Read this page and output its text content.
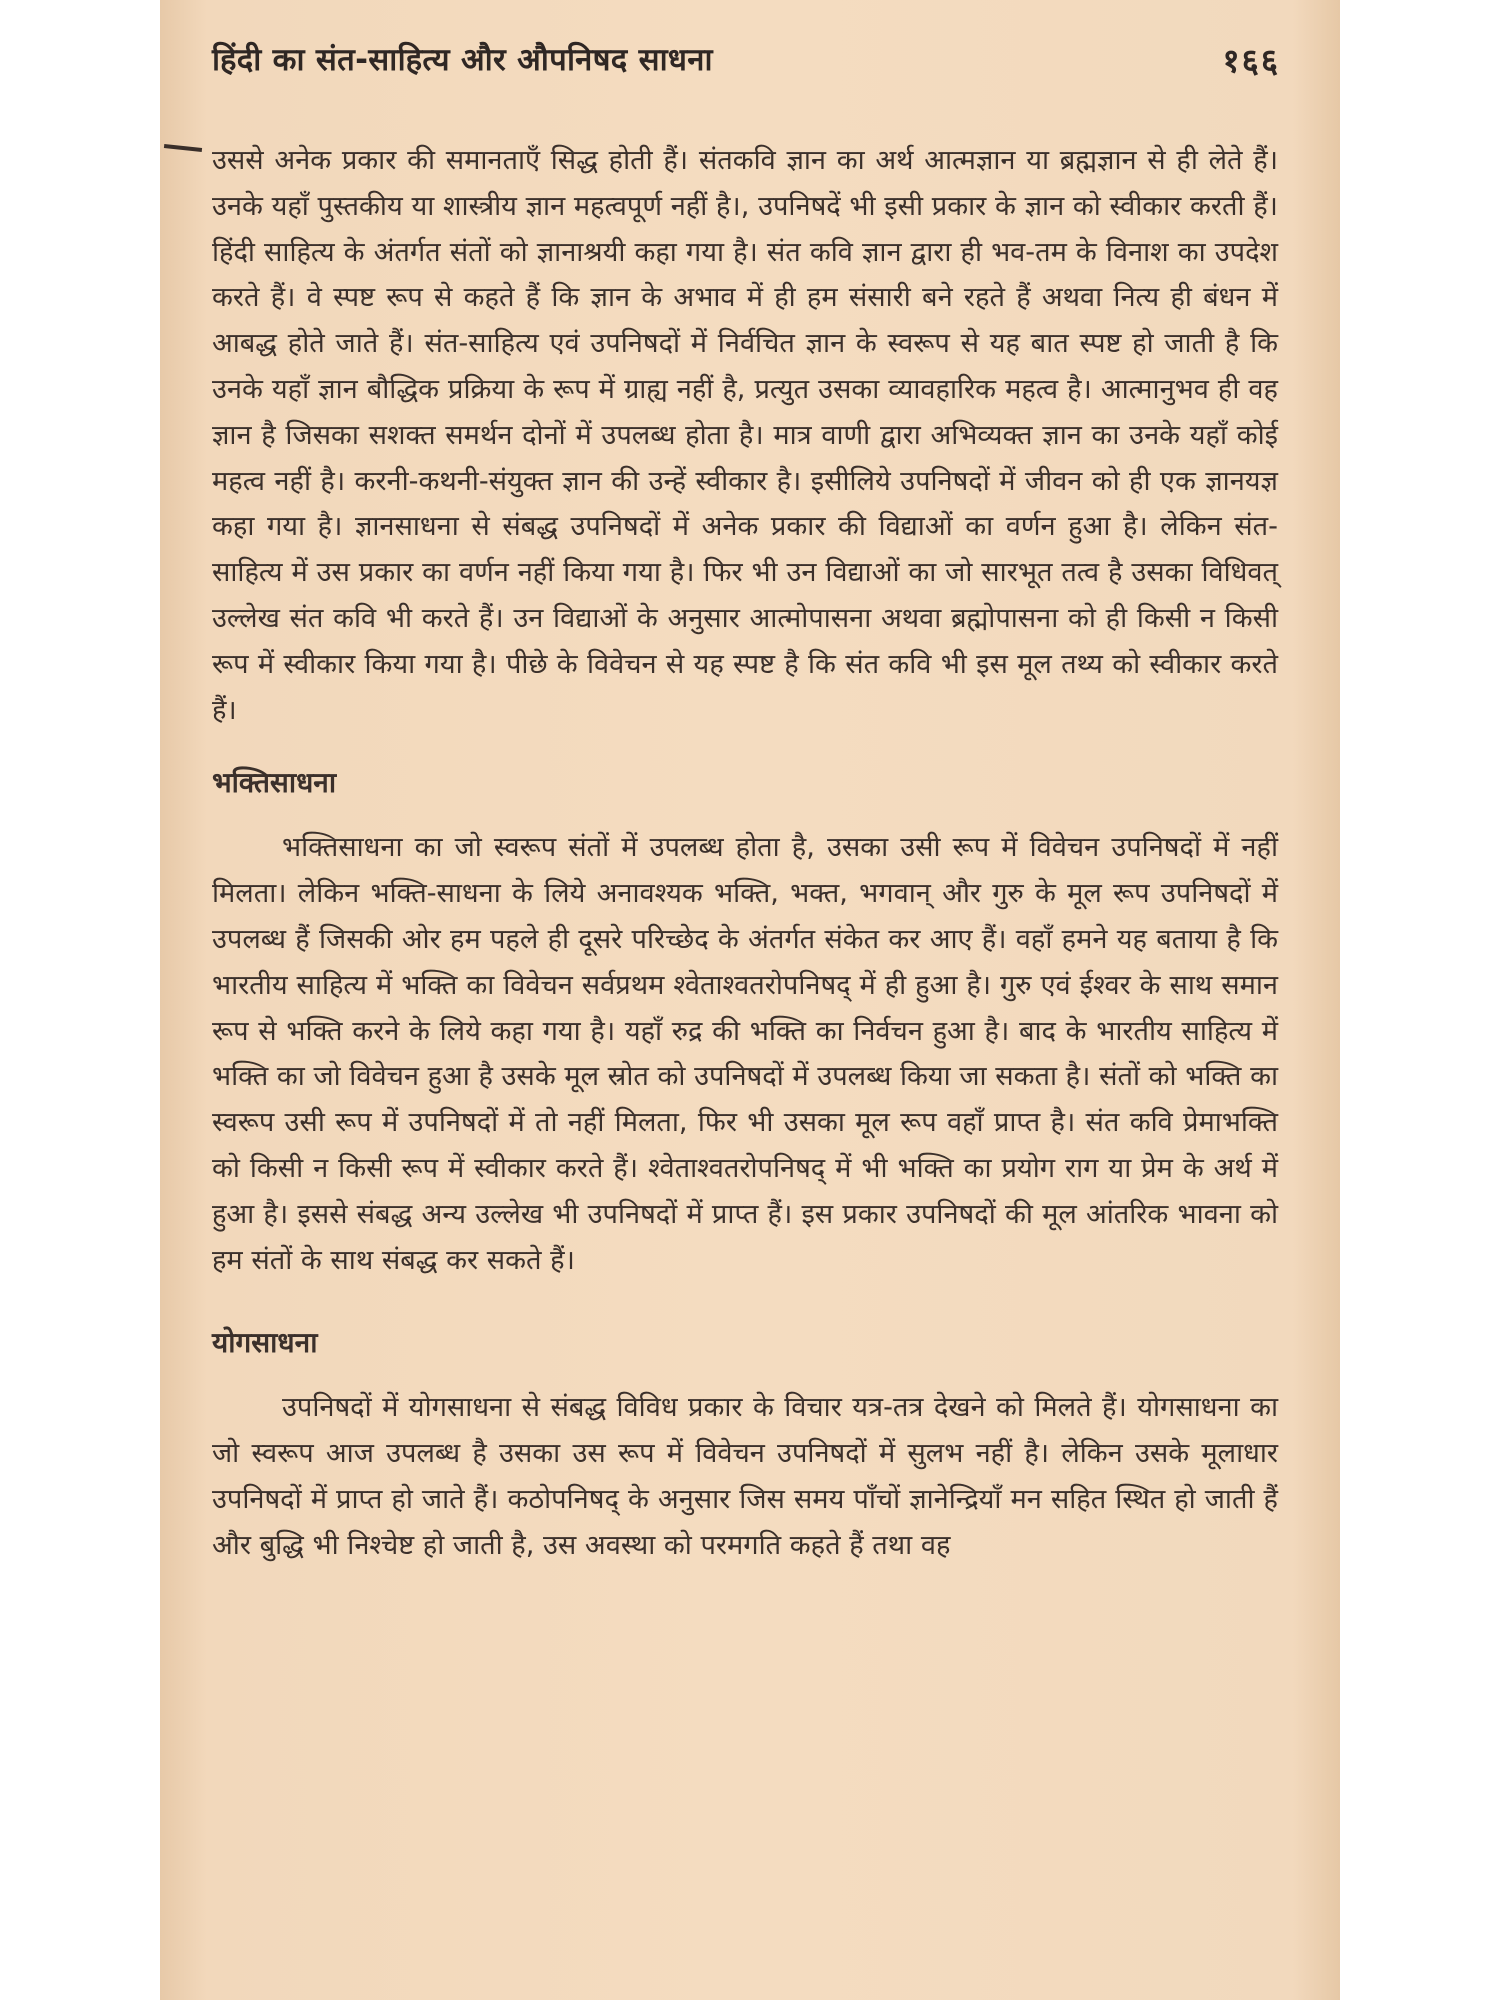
हिंदी का संत-साहित्य और औपनिषद साधना	१६६

उससे अनेक प्रकार की समानताएँ सिद्ध होती हैं। संतकवि ज्ञान का अर्थ आत्मज्ञान या ब्रह्मज्ञान से ही लेते हैं। उनके यहाँ पुस्तकीय या शास्त्रीय ज्ञान महत्वपूर्ण नहीं है।, उपनिषदें भी इसी प्रकार के ज्ञान को स्वीकार करती हैं। हिंदी साहित्य के अंतर्गत संतों को ज्ञानाश्रयी कहा गया है। संत कवि ज्ञान द्वारा ही भव-तम के विनाश का उपदेश करते हैं। वे स्पष्ट रूप से कहते हैं कि ज्ञान के अभाव में ही हम संसारी बने रहते हैं अथवा नित्य ही बंधन में आबद्ध होते जाते हैं। संत-साहित्य एवं उपनिषदों में निर्वचित ज्ञान के स्वरूप से यह बात स्पष्ट हो जाती है कि उनके यहाँ ज्ञान बौद्धिक प्रक्रिया के रूप में ग्राह्य नहीं है, प्रत्युत उसका व्यावहारिक महत्व है। आत्मानुभव ही वह ज्ञान है जिसका सशक्त समर्थन दोनों में उपलब्ध होता है। मात्र वाणी द्वारा अभिव्यक्त ज्ञान का उनके यहाँ कोई महत्व नहीं है। करनी-कथनी-संयुक्त ज्ञान की उन्हें स्वीकार है। इसीलिये उपनिषदों में जीवन को ही एक ज्ञानयज्ञ कहा गया है। ज्ञानसाधना से संबद्ध उपनिषदों में अनेक प्रकार की विद्याओं का वर्णन हुआ है। लेकिन संत-साहित्य में उस प्रकार का वर्णन नहीं किया गया है। फिर भी उन विद्याओं का जो सारभूत तत्व है उसका विधिवत् उल्लेख संत कवि भी करते हैं। उन विद्याओं के अनुसार आत्मोपासना अथवा ब्रह्मोपासना को ही किसी न किसी रूप में स्वीकार किया गया है। पीछे के विवेचन से यह स्पष्ट है कि संत कवि भी इस मूल तथ्य को स्वीकार करते हैं।

भक्तिसाधना

भक्तिसाधना का जो स्वरूप संतों में उपलब्ध होता है, उसका उसी रूप में विवेचन उपनिषदों में नहीं मिलता। लेकिन भक्ति-साधना के लिये अनावश्यक भक्ति, भक्त, भगवान् और गुरु के मूल रूप उपनिषदों में उपलब्ध हैं जिसकी ओर हम पहले ही दूसरे परिच्छेद के अंतर्गत संकेत कर आए हैं। वहाँ हमने यह बताया है कि भारतीय साहित्य में भक्ति का विवेचन सर्वप्रथम श्वेताश्वतरोपनिषद् में ही हुआ है। गुरु एवं ईश्वर के साथ समान रूप से भक्ति करने के लिये कहा गया है। यहाँ रुद्र की भक्ति का निर्वचन हुआ है। बाद के भारतीय साहित्य में भक्ति का जो विवेचन हुआ है उसके मूल स्रोत को उपनिषदों में उपलब्ध किया जा सकता है। संतों को भक्ति का स्वरूप उसी रूप में उपनिषदों में तो नहीं मिलता, फिर भी उसका मूल रूप वहाँ प्राप्त है। संत कवि प्रेमाभक्ति को किसी न किसी रूप में स्वीकार करते हैं। श्वेताश्वतरोपनिषद् में भी भक्ति का प्रयोग राग या प्रेम के अर्थ में हुआ है। इससे संबद्ध अन्य उल्लेख भी उपनिषदों में प्राप्त हैं। इस प्रकार उपनिषदों की मूल आंतरिक भावना को हम संतों के साथ संबद्ध कर सकते हैं।

योगसाधना

उपनिषदों में योगसाधना से संबद्ध विविध प्रकार के विचार यत्र-तत्र देखने को मिलते हैं। योगसाधना का जो स्वरूप आज उपलब्ध है उसका उस रूप में विवेचन उपनिषदों में सुलभ नहीं है। लेकिन उसके मूलाधार उपनिषदों में प्राप्त हो जाते हैं। कठोपनिषद् के अनुसार जिस समय पाँचों ज्ञानेन्द्रियाँ मन सहित स्थित हो जाती हैं और बुद्धि भी निश्चेष्ट हो जाती है, उस अवस्था को परमगति कहते हैं तथा वह
